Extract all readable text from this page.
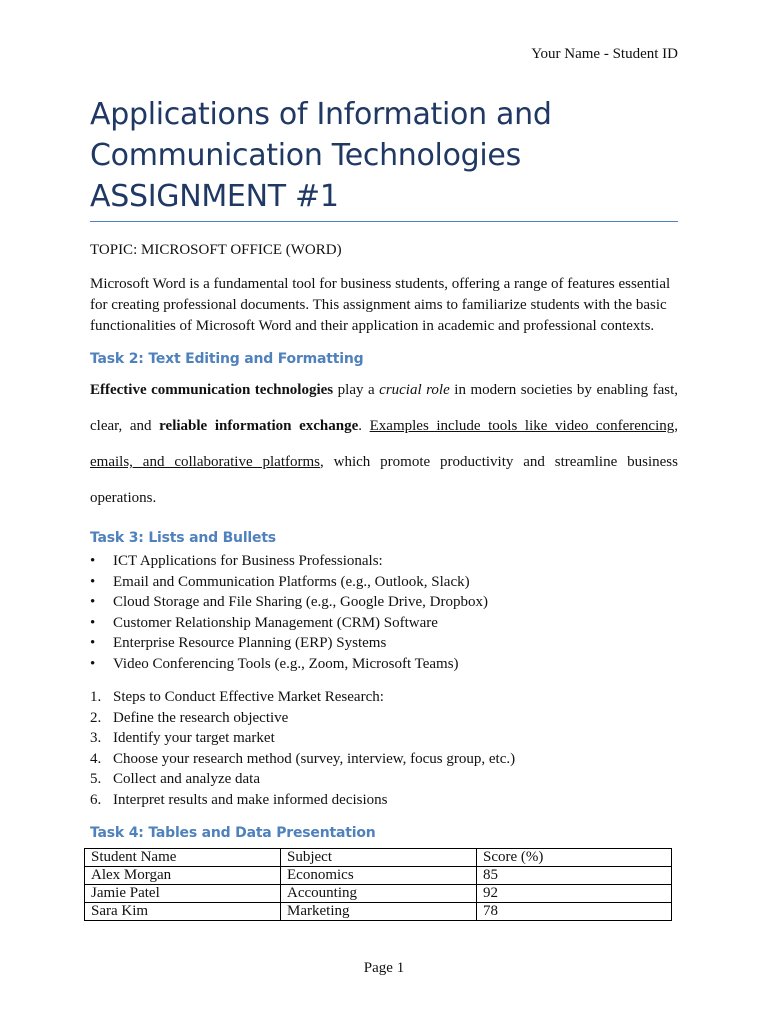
Your Name - Student ID
Applications of Information and
Communication Technologies
ASSIGNMENT #1
TOPIC: MICROSOFT OFFICE (WORD)
Microsoft Word is a fundamental tool for business students, offering a range of features essential for creating professional documents. This assignment aims to familiarize students with the basic functionalities of Microsoft Word and their application in academic and professional contexts.
Task 2: Text Editing and Formatting
Effective communication technologies play a crucial role in modern societies by enabling fast, clear, and reliable information exchange. Examples include tools like video conferencing, emails, and collaborative platforms, which promote productivity and streamline business operations.
Task 3: Lists and Bullets
• ICT Applications for Business Professionals:
• Email and Communication Platforms (e.g., Outlook, Slack)
• Cloud Storage and File Sharing (e.g., Google Drive, Dropbox)
• Customer Relationship Management (CRM) Software
• Enterprise Resource Planning (ERP) Systems
• Video Conferencing Tools (e.g., Zoom, Microsoft Teams)
1. Steps to Conduct Effective Market Research:
2. Define the research objective
3. Identify your target market
4. Choose your research method (survey, interview, focus group, etc.)
5. Collect and analyze data
6. Interpret results and make informed decisions
Task 4: Tables and Data Presentation
Student Name	Subject	Score (%)
Alex Morgan	Economics	85
Jamie Patel	Accounting	92
Sara Kim	Marketing	78
Page 1
